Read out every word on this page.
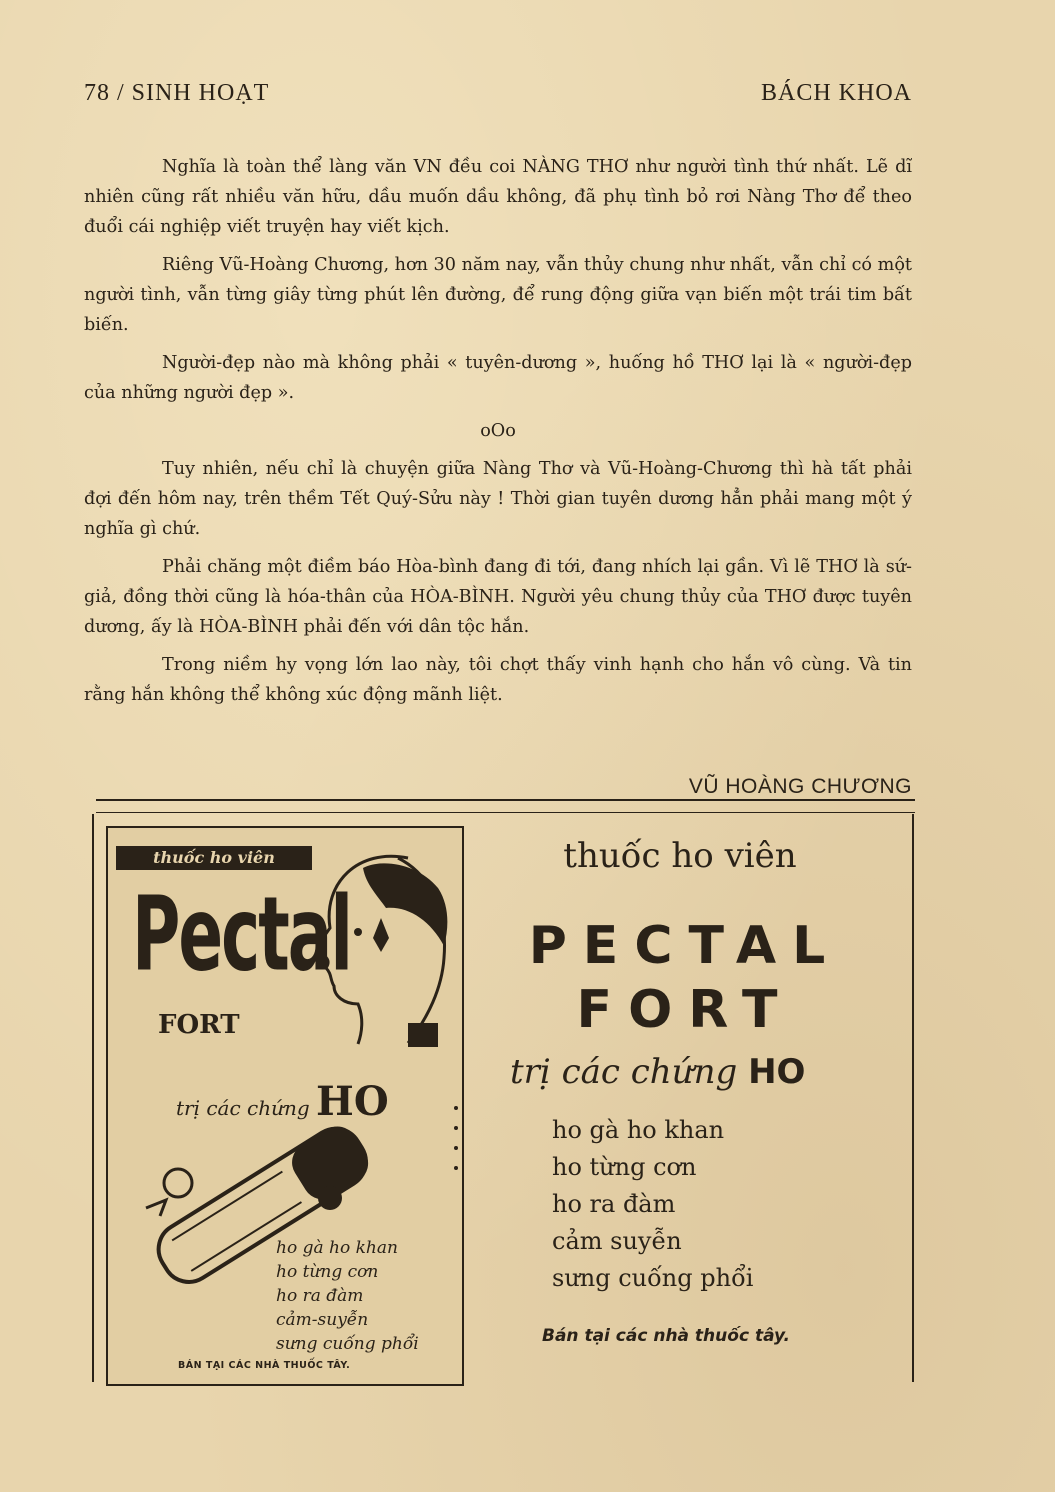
78 / SINH HOẠT	BÁCH KHOA

Nghĩa là toàn thể làng văn VN đều coi NÀNG THƠ như người tình thứ nhất. Lẽ dĩ nhiên cũng rất nhiều văn hữu, dầu muốn dầu không, đã phụ tình bỏ rơi Nàng Thơ để theo đuổi cái nghiệp viết truyện hay viết kịch.

Riêng Vũ-Hoàng Chương, hơn 30 năm nay, vẫn thủy chung như nhất, vẫn chỉ có một người tình, vẫn từng giây từng phút lên đường, để rung động giữa vạn biến một trái tim bất biến.

Người-đẹp nào mà không phải « tuyên-dương », huống hồ THƠ lại là « người-đẹp của những người đẹp ».

oOo

Tuy nhiên, nếu chỉ là chuyện giữa Nàng Thơ và Vũ-Hoàng-Chương thì hà tất phải đợi đến hôm nay, trên thềm Tết Quý-Sửu này ! Thời gian tuyên dương hẳn phải mang một ý nghĩa gì chứ.

Phải chăng một điềm báo Hòa-bình đang đi tới, đang nhích lại gần. Vì lẽ THƠ là sứ-giả, đồng thời cũng là hóa-thân của HÒA-BÌNH. Người yêu chung thủy của THƠ được tuyên dương, ấy là HÒA-BÌNH phải đến với dân tộc hắn.

Trong niềm hy vọng lớn lao này, tôi chợt thấy vinh hạnh cho hắn vô cùng. Và tin rằng hắn không thể không xúc động mãnh liệt.

VŨ HOÀNG CHƯƠNG
thuốc ho viên
Pectal
FORT
trị các chứng HO
ho gà ho khan
ho từng cơn
ho ra đàm
cảm-suyễn
sưng cuống phổi
BÁN TẠI CÁC NHÀ THUỐC TÂY.
thuốc ho viên
PECTAL
FORT
trị các chứng HO
ho gà ho khan
ho từng cơn
ho ra đàm
cảm suyễn
sưng cuống phổi
Bán tại các nhà thuốc tây.
